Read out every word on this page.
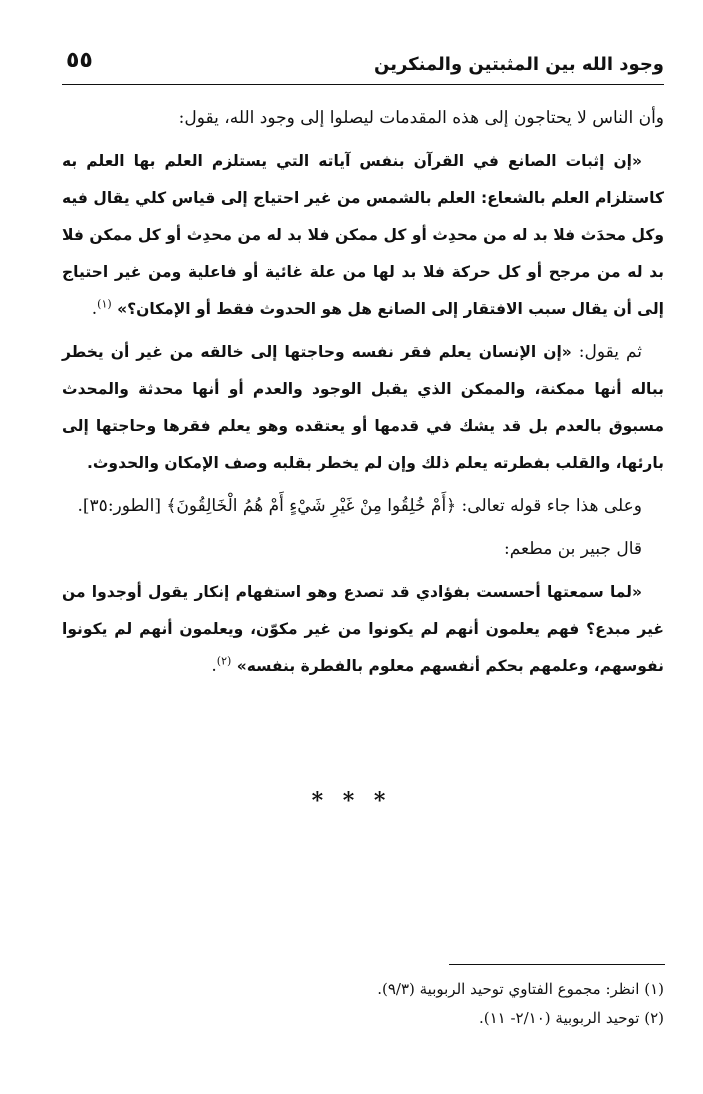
وجود الله بين المثبتين والمنكرين
٥٥

وأن الناس لا يحتاجون إلى هذه المقدمات ليصلوا إلى وجود الله، يقول:

«إن إثبات الصانع في القرآن بنفس آياته التي يستلزم العلم بها العلم به كاستلزام العلم بالشعاع: العلم بالشمس من غير احتياج إلى قياس كلي يقال فيه وكل محدَث فلا بد له من محدِث أو كل ممكن فلا بد له من محدِث أو كل ممكن فلا بد له من مرجح أو كل حركة فلا بد لها من علة غائية أو فاعلية ومن غير احتياج إلى أن يقال سبب الافتقار إلى الصانع هل هو الحدوث فقط أو الإمكان؟» $^{(١)}$.

ثم يقول: «إن الإنسان يعلم فقر نفسه وحاجتها إلى خالقه من غير أن يخطر بباله أنها ممكنة، والممكن الذي يقبل الوجود والعدم أو أنها محدثة والمحدث مسبوق بالعدم بل قد يشك في قدمها أو يعتقده وهو يعلم فقرها وحاجتها إلى بارئها، والقلب بفطرته يعلم ذلك وإن لم يخطر بقلبه وصف الإمكان والحدوث.

وعلى هذا جاء قوله تعالى: ﴿أَمْ خُلِقُوا مِنْ غَيْرِ شَيْءٍ أَمْ هُمُ الْخَالِقُونَ﴾ [الطور:٣٥].

قال جبير بن مطعم:

«لما سمعتها أحسست بفؤادي قد تصدع وهو استفهام إنكار يقول أوجدوا من غير مبدع؟ فهم يعلمون أنهم لم يكونوا من غير مكوّن، ويعلمون أنهم لم يكونوا نفوسهم، وعلمهم بحكم أنفسهم معلوم بالفطرة بنفسه» $^{(٢)}$.

* * *

(١) انظر: مجموع الفتاوي توحيد الربوبية (٩/٣).

(٢) توحيد الربوبية (٢/١٠- ١١).
